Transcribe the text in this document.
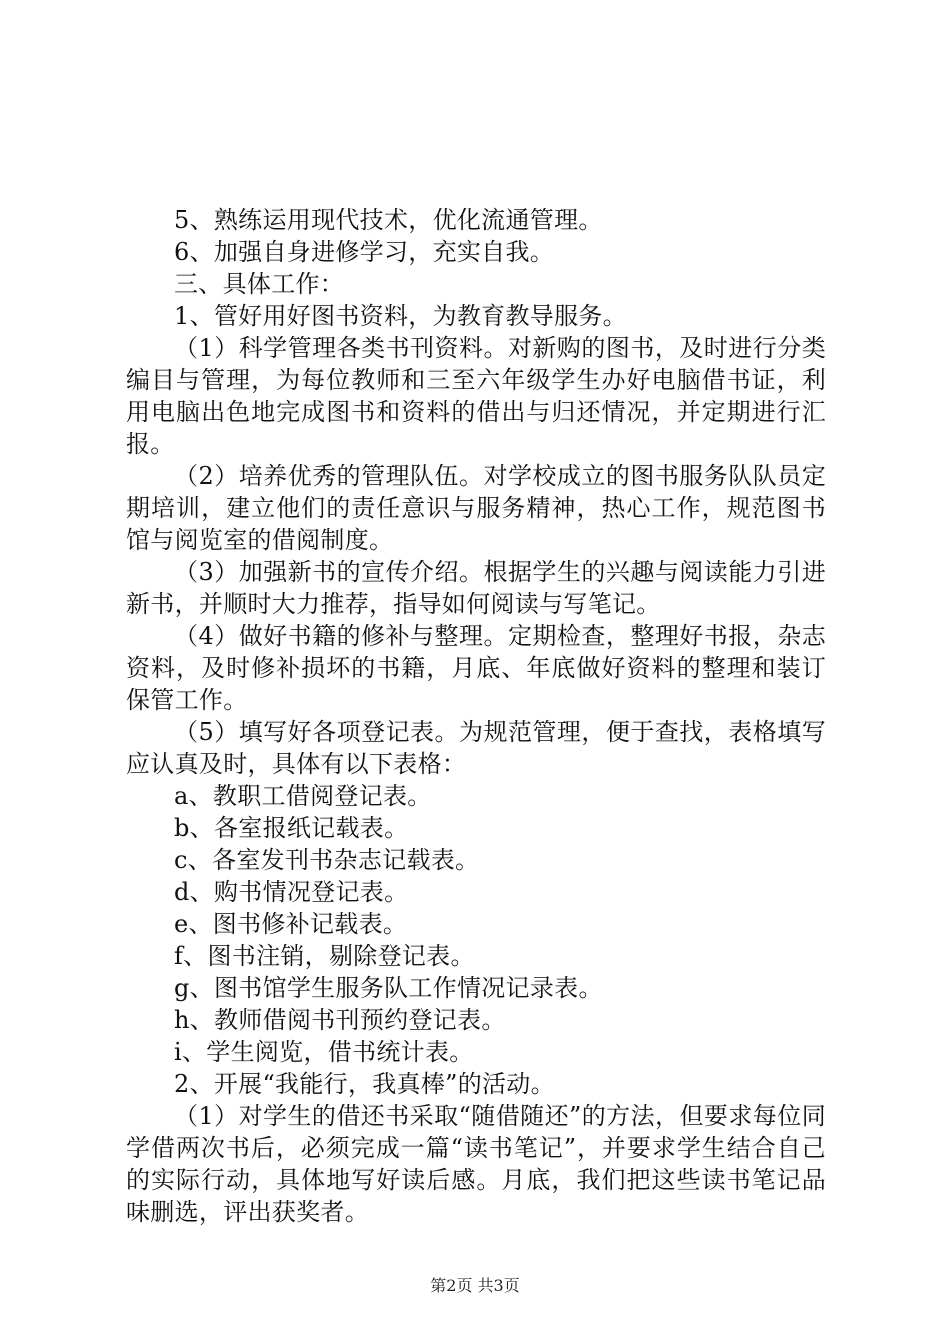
5、熟练运用现代技术，优化流通管理。

6、加强自身进修学习，充实自我。

三、具体工作：

1、管好用好图书资料，为教育教导服务。

（1）科学管理各类书刊资料。对新购的图书，及时进行分类编目与管理，为每位教师和三至六年级学生办好电脑借书证，利用电脑出色地完成图书和资料的借出与归还情况，并定期进行汇报。

（2）培养优秀的管理队伍。对学校成立的图书服务队队员定期培训，建立他们的责任意识与服务精神，热心工作，规范图书馆与阅览室的借阅制度。

（3）加强新书的宣传介绍。根据学生的兴趣与阅读能力引进新书，并顺时大力推荐，指导如何阅读与写笔记。

（4）做好书籍的修补与整理。定期检查，整理好书报，杂志资料，及时修补损坏的书籍，月底、年底做好资料的整理和装订保管工作。

（5）填写好各项登记表。为规范管理，便于查找，表格填写应认真及时，具体有以下表格：

a、教职工借阅登记表。

b、各室报纸记载表。

c、各室发刊书杂志记载表。

d、购书情况登记表。

e、图书修补记载表。

f、图书注销，剔除登记表。

g、图书馆学生服务队工作情况记录表。

h、教师借阅书刊预约登记表。

i、学生阅览，借书统计表。

2、开展“我能行，我真棒”的活动。

（1）对学生的借还书采取“随借随还”的方法，但要求每位同学借两次书后，必须完成一篇“读书笔记”，并要求学生结合自己的实际行动，具体地写好读后感。月底，我们把这些读书笔记品味删选，评出获奖者。

第2页 共3页
